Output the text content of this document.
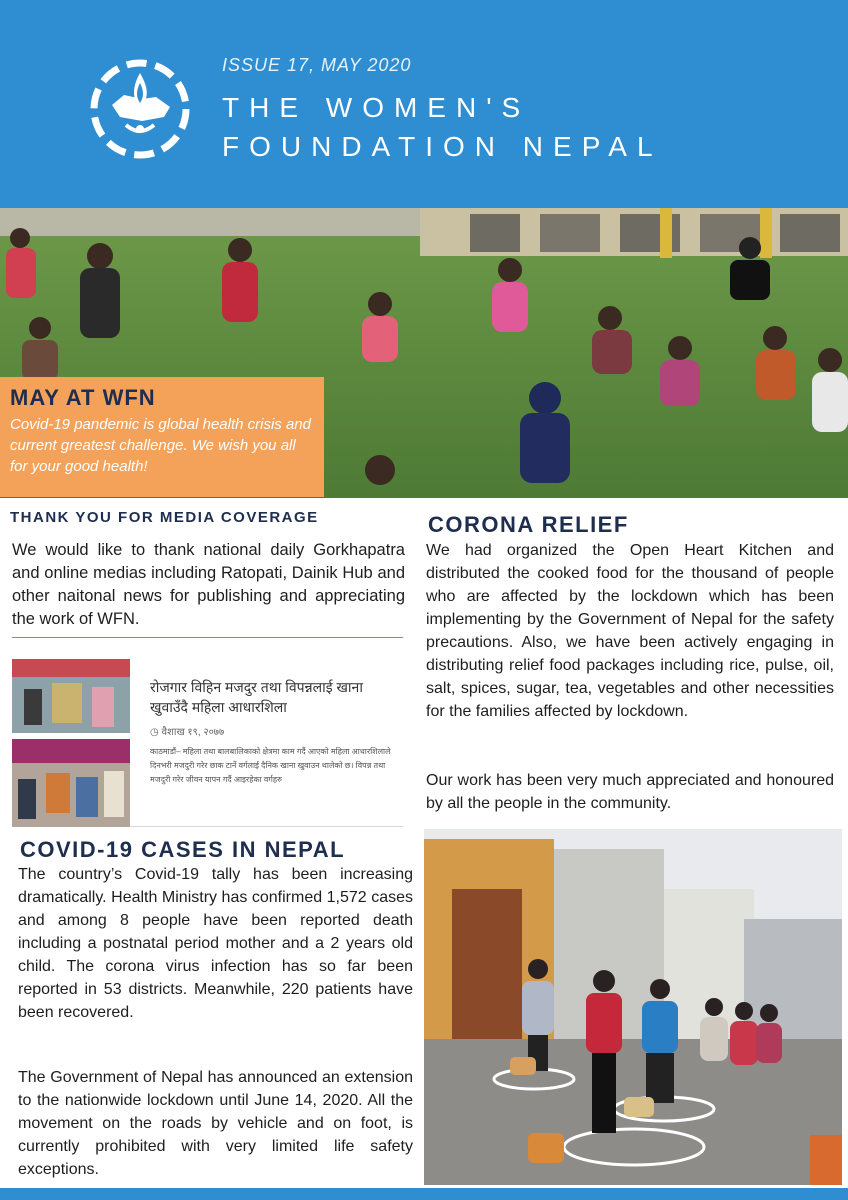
ISSUE 17, MAY 2020
THE WOMEN'S
FOUNDATION NEPAL
MAY AT WFN
Covid-19 pandemic is global health crisis and current greatest challenge. We wish you all for your good health!
THANK YOU FOR MEDIA COVERAGE
We would like to thank national daily Gorkhapatra and online medias including Ratopati, Dainik Hub and other naitonal news for publishing and appreciating the work of WFN.
रोजगार विहिन मजदुर तथा विपन्नलाई खाना खुवाउँदै महिला आधारशिला
◷ वैशाख १९, २०७७
काठमाडौं– महिला तथा बालबालिकाको क्षेत्रमा काम गर्दै आएको महिला आधारशिलाले दिनभरी मजदुरी गरेर छाक टार्ने वर्गलाई दैनिक खाना खुवाउन थालेको छ। विपन्न तथा मजदुरी गरेर जीवन यापन गर्दै आइरहेका वर्गहरु
CORONA RELIEF
We had organized the Open Heart Kitchen and distributed the cooked food for the thousand of people who are affected by the lockdown which has been implementing by the Government of Nepal for the safety precautions. Also, we have been actively engaging in distributing relief food packages including rice, pulse, oil, salt, spices, sugar, tea, vegetables and other necessities for the families affected by lockdown.
Our work has been very much appreciated and honoured by all the people in the community.
COVID-19 CASES IN NEPAL
The country’s Covid-19 tally has been increasing dramatically. Health Ministry has confirmed 1,572 cases and among 8 people have been reported death including a postnatal period mother and a 2 years old child. The corona virus infection has so far been reported in 53 districts. Meanwhile, 220 patients have been recovered.
The Government of Nepal has announced an extension to the nationwide lockdown until June 14, 2020. All the movement on the roads by vehicle and on foot, is currently prohibited with very limited life safety exceptions.
